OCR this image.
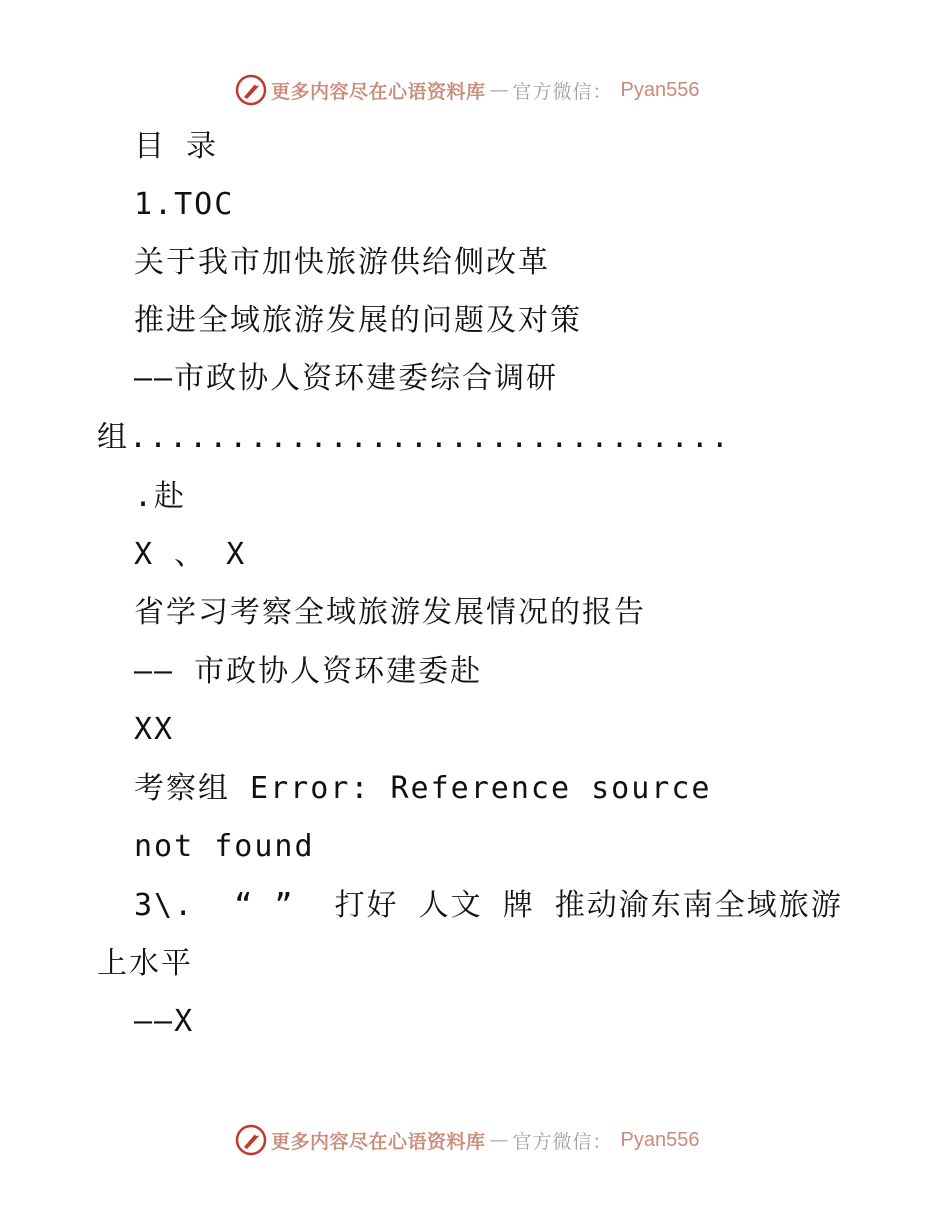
更多内容尽在心语资料库 — 官方微信： Pyan556
目 录
1.TOC
关于我市加快旅游供给侧改革
推进全域旅游发展的问题及对策
——市政协人资环建委综合调研
组..............................
.赴
X 、 X
省学习考察全域旅游发展情况的报告
—— 市政协人资环建委赴
XX
考察组 Error: Reference source
not found
3\.  “ ”  打好 人文 牌 推动渝东南全域旅游
上水平
——X
更多内容尽在心语资料库 — 官方微信： Pyan556
